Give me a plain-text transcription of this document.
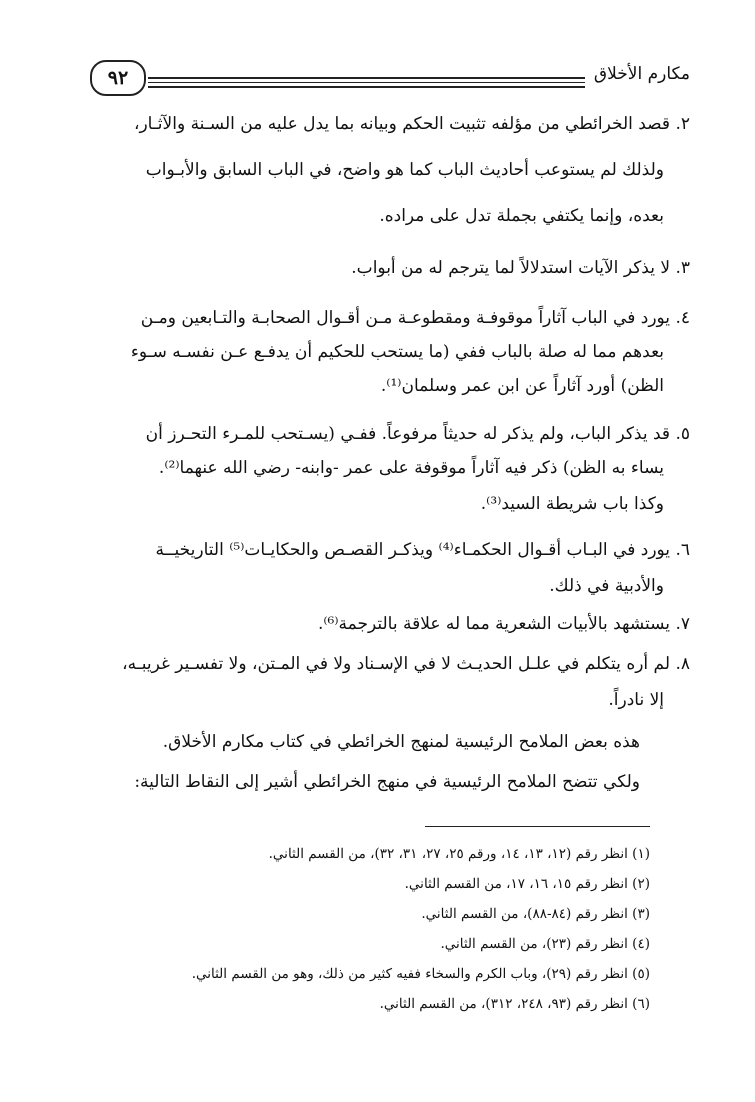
مكارم الأخلاق
٩٢
٢. قصد الخرائطي من مؤلفه تثبيت الحكم وبيانه بما يدل عليه من السـنة والآثـار،
ولذلك لم يستوعب أحاديث الباب كما هو واضح، في الباب السابق والأبـواب
بعده، وإنما يكتفي بجملة تدل على مراده.
٣. لا يذكر الآيات استدلالاً لما يترجم له من أبواب.
٤. يورد في الباب آثاراً موقوفـة ومقطوعـة مـن أقـوال الصحابـة والتـابعين ومـن
بعدهم مما له صلة بالباب ففي (ما يستحب للحكيم أن يدفـع عـن نفسـه سـوء
الظن) أورد آثاراً عن ابن عمر وسلمان⁽¹⁾.
٥. قد يذكر الباب، ولم يذكر له حديثاً مرفوعاً. ففـي (يسـتحب للمـرء التحـرز أن
يساء به الظن) ذكر فيه آثاراً موقوفة على عمر -وابنه- رضي الله عنهما⁽²⁾.
وكذا باب شريطة السيد⁽³⁾.
٦. يورد في البـاب أقـوال الحكمـاء⁽⁴⁾ ويذكـر القصـص والحكايـات⁽⁵⁾ التاريخيــة
والأدبية في ذلك.
٧. يستشهد بالأبيات الشعرية مما له علاقة بالترجمة⁽⁶⁾.
٨. لم أره يتكلم في علـل الحديـث لا في الإسـناد ولا في المـتن، ولا تفسـير غريبـه،
إلا نادراً.
هذه بعض الملامح الرئيسية لمنهج الخرائطي في كتاب مكارم الأخلاق.
ولكي تتضح الملامح الرئيسية في منهج الخرائطي أشير إلى النقاط التالية:
(١) انظر رقم (١٢، ١٣، ١٤، ورقم ٢٥، ٢٧، ٣١، ٣٢)، من القسم الثاني.
(٢) انظر رقم ١٥، ١٦، ١٧، من القسم الثاني.
(٣) انظر رقم (٨٤-٨٨)، من القسم الثاني.
(٤) انظر رقم (٢٣)، من القسم الثاني.
(٥) انظر رقم (٢٩)، وباب الكرم والسخاء ففيه كثير من ذلك، وهو من القسم الثاني.
(٦) انظر رقم (٩٣، ٢٤٨، ٣١٢)، من القسم الثاني.
